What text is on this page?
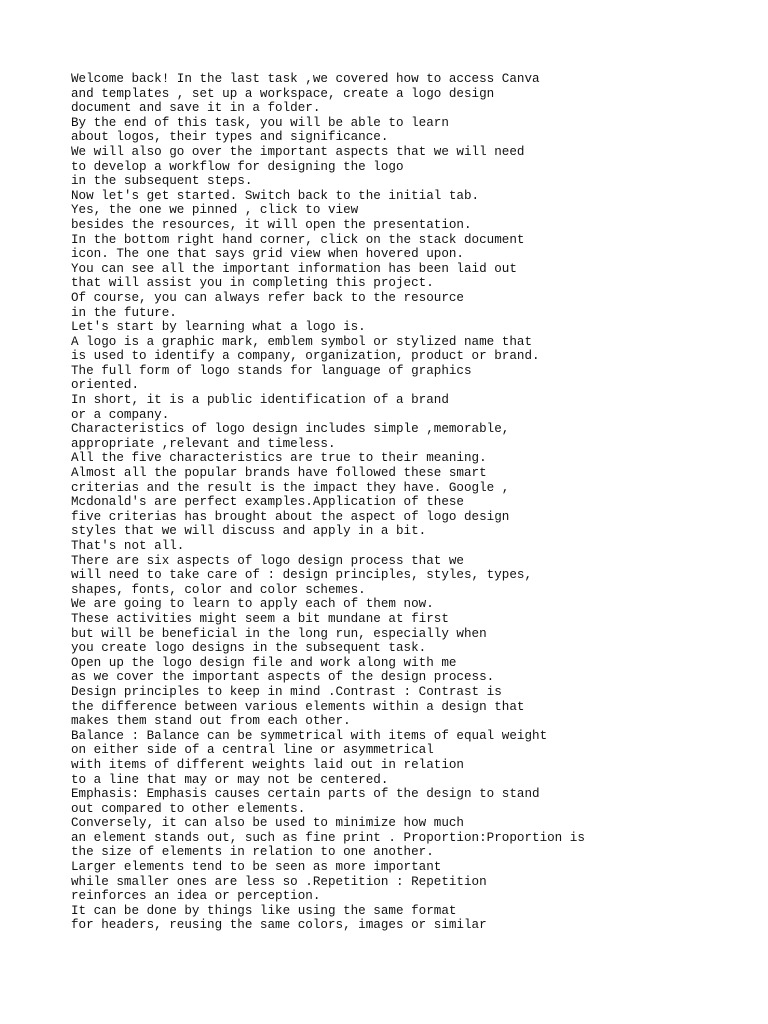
Welcome back! In the last task ,we covered how to access Canva
and templates , set up a workspace, create a logo design
document and save it in a folder.
By the end of this task, you will be able to learn
about logos, their types and significance.
We will also go over the important aspects that we will need
to develop a workflow for designing the logo
in the subsequent steps.
Now let's get started. Switch back to the initial tab.
Yes, the one we pinned , click to view
besides the resources, it will open the presentation.
In the bottom right hand corner, click on the stack document
icon. The one that says grid view when hovered upon.
You can see all the important information has been laid out
that will assist you in completing this project.
Of course, you can always refer back to the resource
in the future.
Let's start by learning what a logo is.
A logo is a graphic mark, emblem symbol or stylized name that
is used to identify a company, organization, product or brand.
The full form of logo stands for language of graphics
oriented.
In short, it is a public identification of a brand
or a company.
Characteristics of logo design includes simple ,memorable,
appropriate ,relevant and timeless.
All the five characteristics are true to their meaning.
Almost all the popular brands have followed these smart
criterias and the result is the impact they have. Google ,
Mcdonald's are perfect examples.Application of these
five criterias has brought about the aspect of logo design
styles that we will discuss and apply in a bit.
That's not all.
There are six aspects of logo design process that we
will need to take care of : design principles, styles, types,
shapes, fonts, color and color schemes.
We are going to learn to apply each of them now.
These activities might seem a bit mundane at first
but will be beneficial in the long run, especially when
you create logo designs in the subsequent task.
Open up the logo design file and work along with me
as we cover the important aspects of the design process.
Design principles to keep in mind .Contrast : Contrast is
the difference between various elements within a design that
makes them stand out from each other.
Balance : Balance can be symmetrical with items of equal weight
on either side of a central line or asymmetrical
with items of different weights laid out in relation
to a line that may or may not be centered.
Emphasis: Emphasis causes certain parts of the design to stand
out compared to other elements.
Conversely, it can also be used to minimize how much
an element stands out, such as fine print . Proportion:Proportion is
the size of elements in relation to one another.
Larger elements tend to be seen as more important
while smaller ones are less so .Repetition : Repetition
reinforces an idea or perception.
It can be done by things like using the same format
for headers, reusing the same colors, images or similar
